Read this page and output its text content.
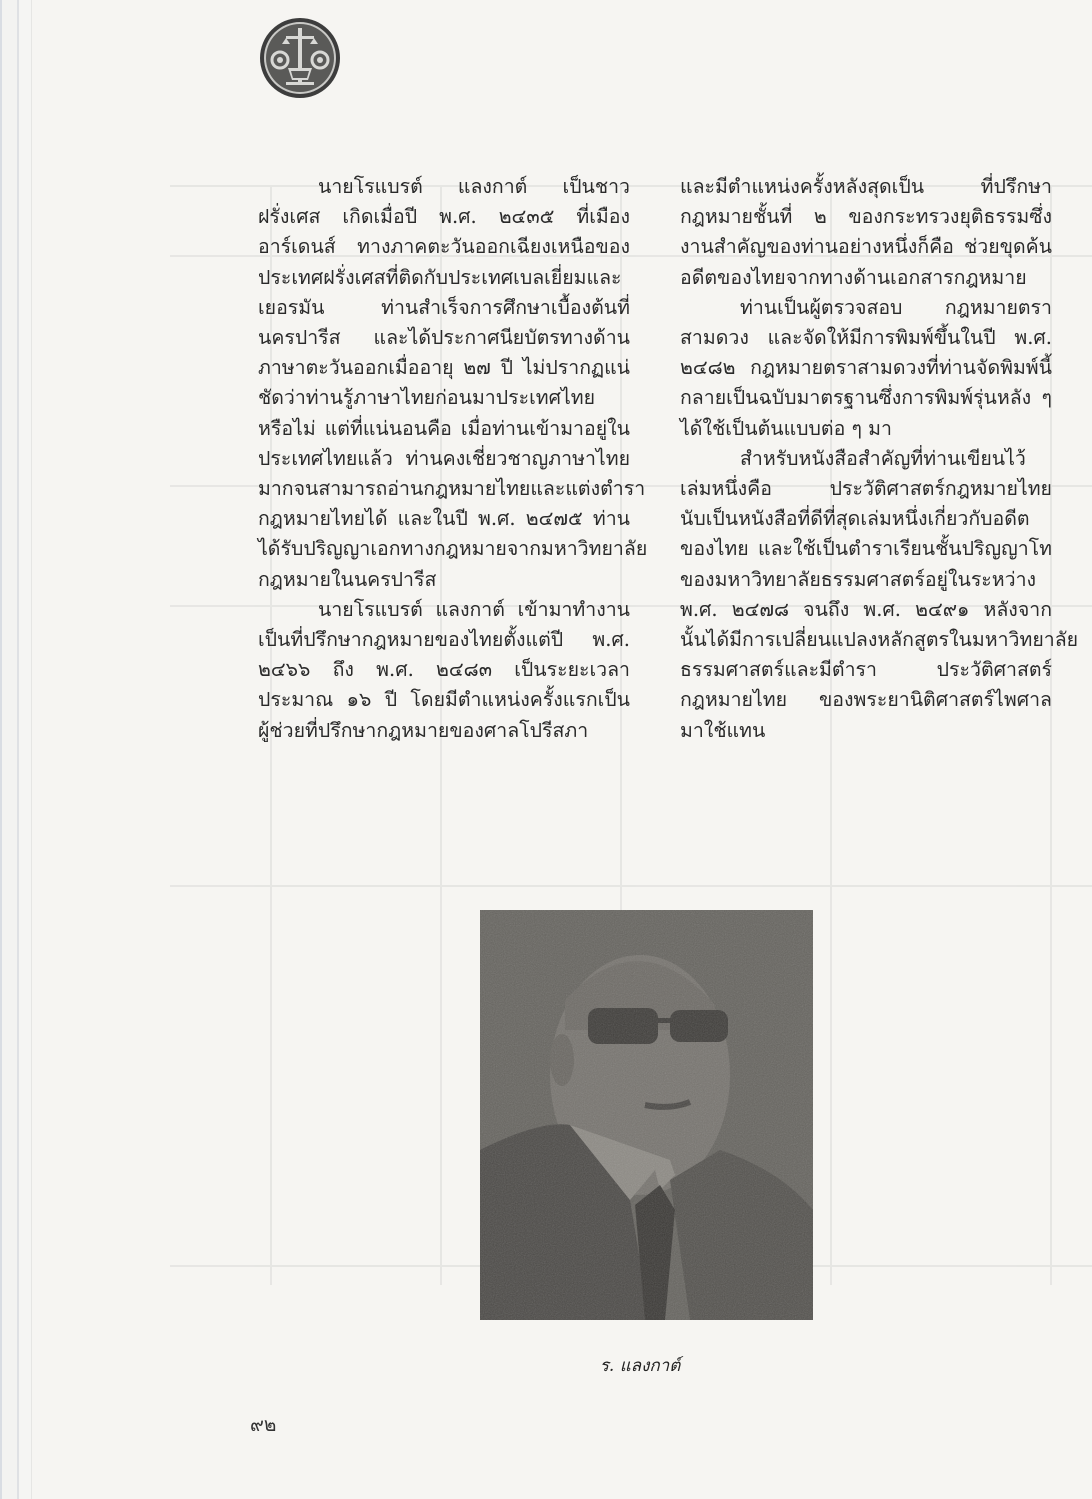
นายโรแบรต์ แลงกาต์ เป็นชาว
ฝรั่งเศส เกิดเมื่อปี พ.ศ. ๒๔๓๕ ที่เมือง
อาร์เดนส์ ทางภาคตะวันออกเฉียงเหนือของ
ประเทศฝรั่งเศสที่ติดกับประเทศเบลเยี่ยมและ
เยอรมัน ท่านสำเร็จการศึกษาเบื้องต้นที่
นครปารีส และได้ประกาศนียบัตรทางด้าน
ภาษาตะวันออกเมื่ออายุ ๒๗ ปี ไม่ปรากฏแน่
ชัดว่าท่านรู้ภาษาไทยก่อนมาประเทศไทย
หรือไม่ แต่ที่แน่นอนคือ เมื่อท่านเข้ามาอยู่ใน
ประเทศไทยแล้ว ท่านคงเชี่ยวชาญภาษาไทย
มากจนสามารถอ่านกฎหมายไทยและแต่งตำรา
กฎหมายไทยได้ และในปี พ.ศ. ๒๔๗๕ ท่าน
ได้รับปริญญาเอกทางกฎหมายจากมหาวิทยาลัย
กฎหมายในนครปารีส

นายโรแบรต์ แลงกาต์ เข้ามาทำงาน
เป็นที่ปรึกษากฎหมายของไทยตั้งแต่ปี พ.ศ.
๒๔๖๖ ถึง พ.ศ. ๒๔๘๓ เป็นระยะเวลา
ประมาณ ๑๖ ปี โดยมีตำแหน่งครั้งแรกเป็น
ผู้ช่วยที่ปรึกษากฎหมายของศาลโปรีสภา

และมีตำแหน่งครั้งหลังสุดเป็น ที่ปรึกษา
กฎหมายชั้นที่ ๒ ของกระทรวงยุติธรรมซึ่ง
งานสำคัญของท่านอย่างหนึ่งก็คือ ช่วยขุดค้น
อดีตของไทยจากทางด้านเอกสารกฎหมาย

ท่านเป็นผู้ตรวจสอบ กฎหมายตรา
สามดวง และจัดให้มีการพิมพ์ขึ้นในปี พ.ศ.
๒๔๘๒ กฎหมายตราสามดวงที่ท่านจัดพิมพ์นี้
กลายเป็นฉบับมาตรฐานซึ่งการพิมพ์รุ่นหลัง ๆ
ได้ใช้เป็นต้นแบบต่อ ๆ มา

สำหรับหนังสือสำคัญที่ท่านเขียนไว้
เล่มหนึ่งคือ ประวัติศาสตร์กฎหมายไทย
นับเป็นหนังสือที่ดีที่สุดเล่มหนึ่งเกี่ยวกับอดีต
ของไทย และใช้เป็นตำราเรียนชั้นปริญญาโท
ของมหาวิทยาลัยธรรมศาสตร์อยู่ในระหว่าง
พ.ศ. ๒๔๗๘ จนถึง พ.ศ. ๒๔๙๑ หลังจาก
นั้นได้มีการเปลี่ยนแปลงหลักสูตรในมหาวิทยาลัย
ธรรมศาสตร์และมีตำรา ประวัติศาสตร์
กฎหมายไทย ของพระยานิติศาสตร์ไพศาล
มาใช้แทน

ร. แลงกาต์
๙๒
